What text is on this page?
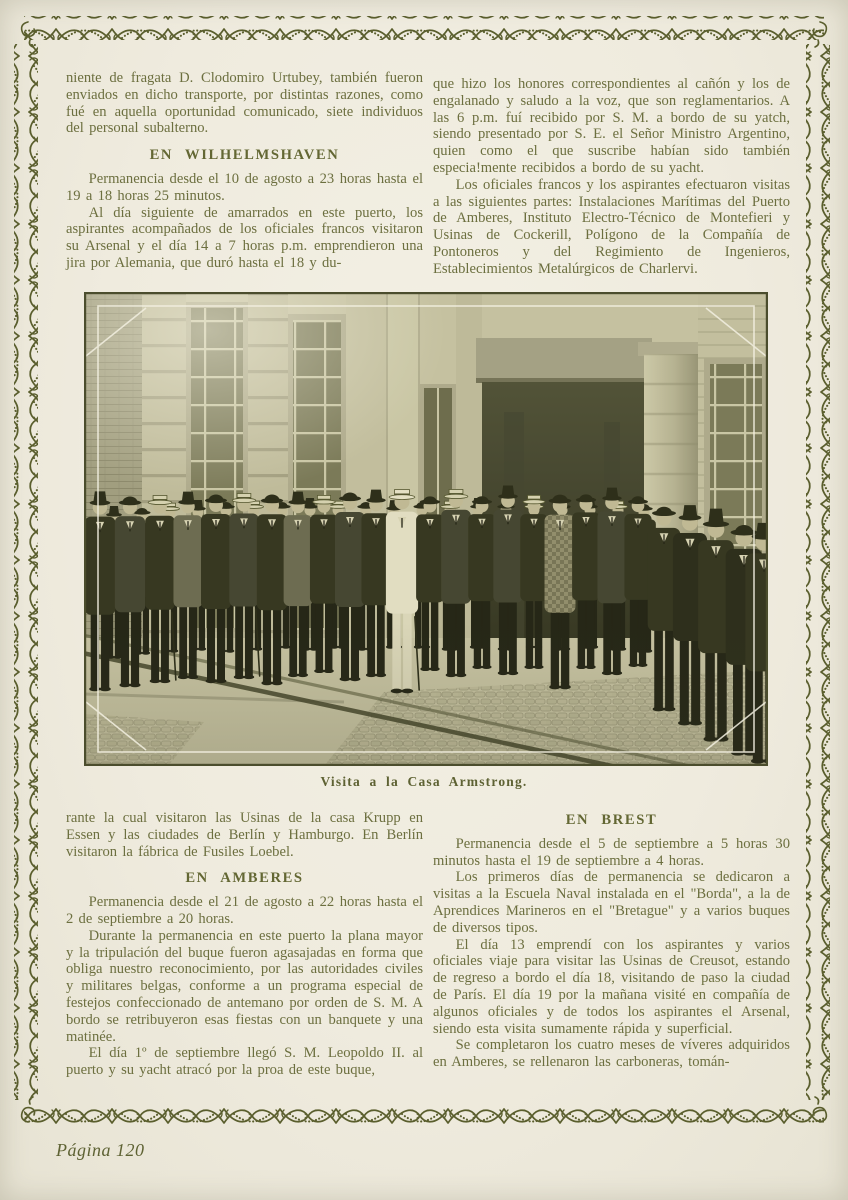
niente de fragata D. Clodomiro Urtubey, también fueron enviados en dicho transporte, por distintas razones, como fué en aquella oportunidad comunicado, siete individuos del personal subalterno.

EN WILHELMSHAVEN

Permanencia desde el 10 de agosto a 23 horas hasta el 19 a 18 horas 25 minutos.

Al día siguiente de amarrados en este puerto, los aspirantes acompañados de los oficiales francos visitaron su Arsenal y el día 14 a 7 horas p.m. emprendieron una jira por Alemania, que duró hasta el 18 y du-

que hizo los honores correspondientes al cañón y los de engalanado y saludo a la voz, que son reglamentarios. A las 6 p.m. fuí recibido por S. M. a bordo de su yatch, siendo presentado por S. E. el Señor Ministro Argentino, quien como el que suscribe habían sido también especia!mente recibidos a bordo de su yacht.

Los oficiales francos y los aspirantes efectuaron visitas a las siguientes partes: Instalaciones Marítimas del Puerto de Amberes, Instituto Electro-Técnico de Montefieri y Usinas de Cockerill, Polígono de la Compañía de Pontoneros y del Regimiento de Ingenieros, Establecimientos Metalúrgicos de Charlervi.

Visita a la Casa Armstrong.

rante la cual visitaron las Usinas de la casa Krupp en Essen y las ciudades de Berlín y Hamburgo. En Berlín visitaron la fábrica de Fusiles Loebel.

EN AMBERES

Permanencia desde el 21 de agosto a 22 horas hasta el 2 de septiembre a 20 horas.

Durante la permanencia en este puerto la plana mayor y la tripulación del buque fueron agasajadas en forma que obliga nuestro reconocimiento, por las autoridades civiles y militares belgas, conforme a un programa especial de festejos confeccionado de antemano por orden de S. M. A bordo se retribuyeron esas fiestas con un banquete y una matinée.

El día 1º de septiembre llegó S. M. Leopoldo II. al puerto y su yacht atracó por la proa de este buque,

EN BREST

Permanencia desde el 5 de septiembre a 5 horas 30 minutos hasta el 19 de septiembre a 4 horas.

Los primeros días de permanencia se dedicaron a visitas a la Escuela Naval instalada en el "Borda", a la de Aprendices Marineros en el "Bretague" y a varios buques de diversos tipos.

El día 13 emprendí con los aspirantes y varios oficiales viaje para visitar las Usinas de Creusot, estando de regreso a bordo el día 18, visitando de paso la ciudad de París. El día 19 por la mañana visité en compañía de algunos oficiales y de todos los aspirantes el Arsenal, siendo esta visita sumamente rápida y superficial.

Se completaron los cuatro meses de víveres adquiridos en Amberes, se rellenaron las carboneras, tomán-

Página 120
